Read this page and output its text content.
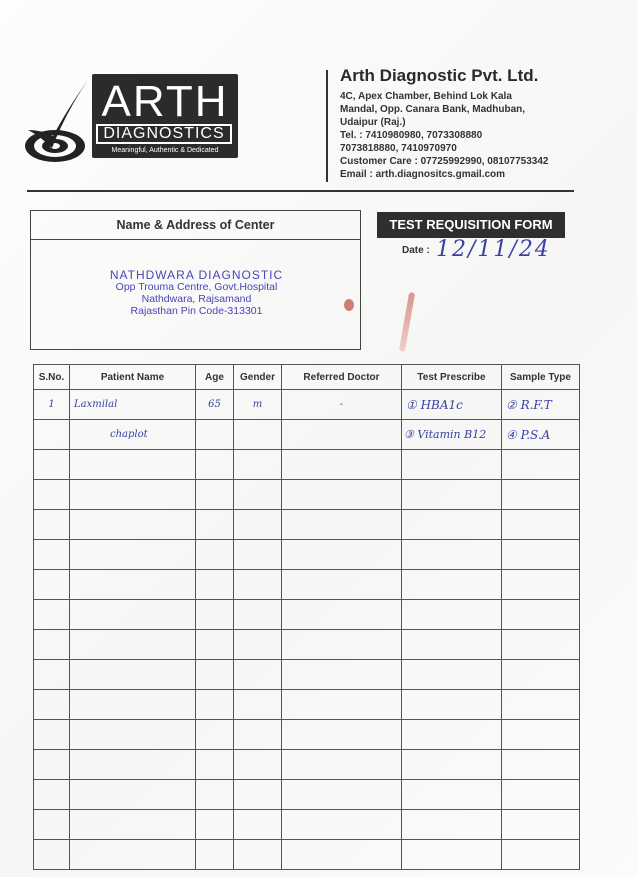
ARTH
DIAGNOSTICS
Meaningful, Authentic & Dedicated
Arth Diagnostic Pvt. Ltd.
4C, Apex Chamber, Behind Lok Kala
Mandal, Opp. Canara Bank, Madhuban,
Udaipur (Raj.)
Tel. : 7410980980, 7073308880
7073818880, 7410970970
Customer Care : 07725992990, 08107753342
Email : arth.diagnositcs.gmail.com
Name & Address of Center
NATHDWARA DIAGNOSTIC
Opp Trouma Centre, Govt.Hospital
Nathdwara, Rajsamand
Rajasthan Pin Code-313301
TEST REQUISITION FORM
Date : 12/11/24
S.No.	Patient Name	Age	Gender	Referred Doctor	Test Prescribe	Sample Type
1	Laxmilal	65	m	-	① HBA1c	② R.F.T
	chaplot				③ Vitamin B12	④ P.S.A
